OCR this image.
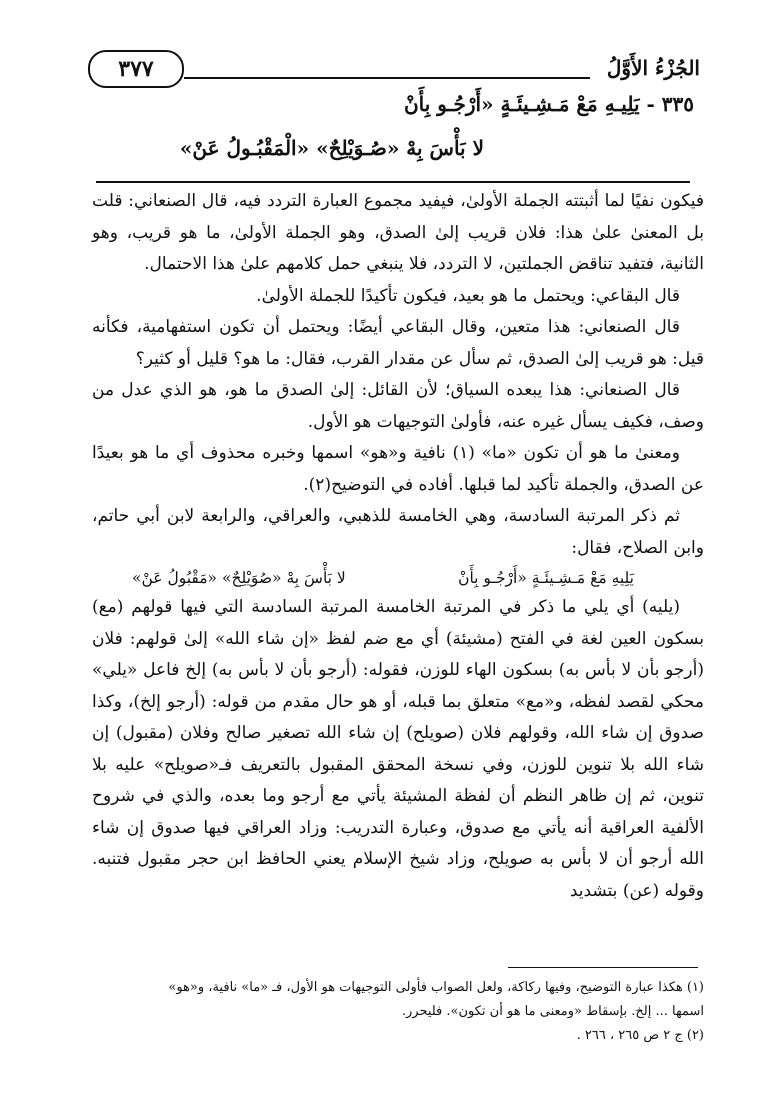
الجُزْءُ الأَوَّلُ
٣٧٧
٣٣٥ - يَلِيـهِ مَعْ مَـشِـيئَـةٍ «أَرْجُـو بِأَنْ
لا بَأْسَ بِهْ «صُـوَيْلِحٌ» «الْمَقْبُـولُ عَنْ»

فيكون نفيًا لما أثبتته الجملة الأولىٰ، فيفيد مجموع العبارة التردد فيه، قال الصنعاني: قلت بل المعنىٰ علىٰ هذا: فلان قريب إلىٰ الصدق، وهو الجملة الأولىٰ، ما هو قريب، وهو الثانية، فتفيد تناقض الجملتين، لا التردد، فلا ينبغي حمل كلامهم علىٰ هذا الاحتمال.

قال البقاعي: ويحتمل ما هو بعيد، فيكون تأكيدًا للجملة الأولىٰ.

قال الصنعاني: هذا متعين، وقال البقاعي أيضًا: ويحتمل أن تكون استفهامية، فكأنه قيل: هو قريب إلىٰ الصدق، ثم سأل عن مقدار القرب، فقال: ما هو؟ قليل أو كثير؟

قال الصنعاني: هذا يبعده السياق؛ لأن القائل: إلىٰ الصدق ما هو، هو الذي عدل من وصف، فكيف يسأل غيره عنه، فأولىٰ التوجيهات هو الأول.

ومعنىٰ ما هو أن تكون «ما» (١) نافية و«هو» اسمها وخبره محذوف أي ما هو بعيدًا عن الصدق، والجملة تأكيد لما قبلها. أفاده في التوضيح(٢).

ثم ذكر المرتبة السادسة، وهي الخامسة للذهبي، والعراقي، والرابعة لابن أبي حاتم، وابن الصلاح، فقال:

يَلِيهِ مَعْ مَـشِـيئَـةٍ «أَرْجُـو بِأَنْ
لا بَأْسَ بِهْ «صُوَيْلِحٌ» «مَقْبُولُ عَنْ»

(يليه) أي يلي ما ذكر في المرتبة الخامسة المرتبة السادسة التي فيها قولهم (مع) بسكون العين لغة في الفتح (مشيئة) أي مع ضم لفظ «إن شاء الله» إلىٰ قولهم: فلان (أرجو بأن لا بأس به) بسكون الهاء للوزن، فقوله: (أرجو بأن لا بأس به) إلخ فاعل «يلي» محكي لقصد لفظه، و«مع» متعلق بما قبله، أو هو حال مقدم من قوله: (أرجو إلخ)، وكذا صدوق إن شاء الله، وقولهم فلان (صويلح) إن شاء الله تصغير صالح وفلان (مقبول) إن شاء الله بلا تنوين للوزن، وفي نسخة المحقق المقبول بالتعريف فـ«صويلح» عليه بلا تنوين، ثم إن ظاهر النظم أن لفظة المشيئة يأتي مع أرجو وما بعده، والذي في شروح الألفية العراقية أنه يأتي مع صدوق، وعبارة التدريب: وزاد العراقي فيها صدوق إن شاء الله أرجو أن لا بأس به صويلح، وزاد شيخ الإسلام يعني الحافظ ابن حجر مقبول فتنبه. وقوله (عن) بتشديد

(١) هكذا عبارة التوضيح، وفيها ركاكة، ولعل الصواب فأولى التوجيهات هو الأول، فـ «ما» نافية، و«هو»

اسمها ... إلخ. بإسقاط «ومعنى ما هو أن تكون». فليحرر.

(٢) ج ٢ ص ٢٦٥ ، ٢٦٦ .
